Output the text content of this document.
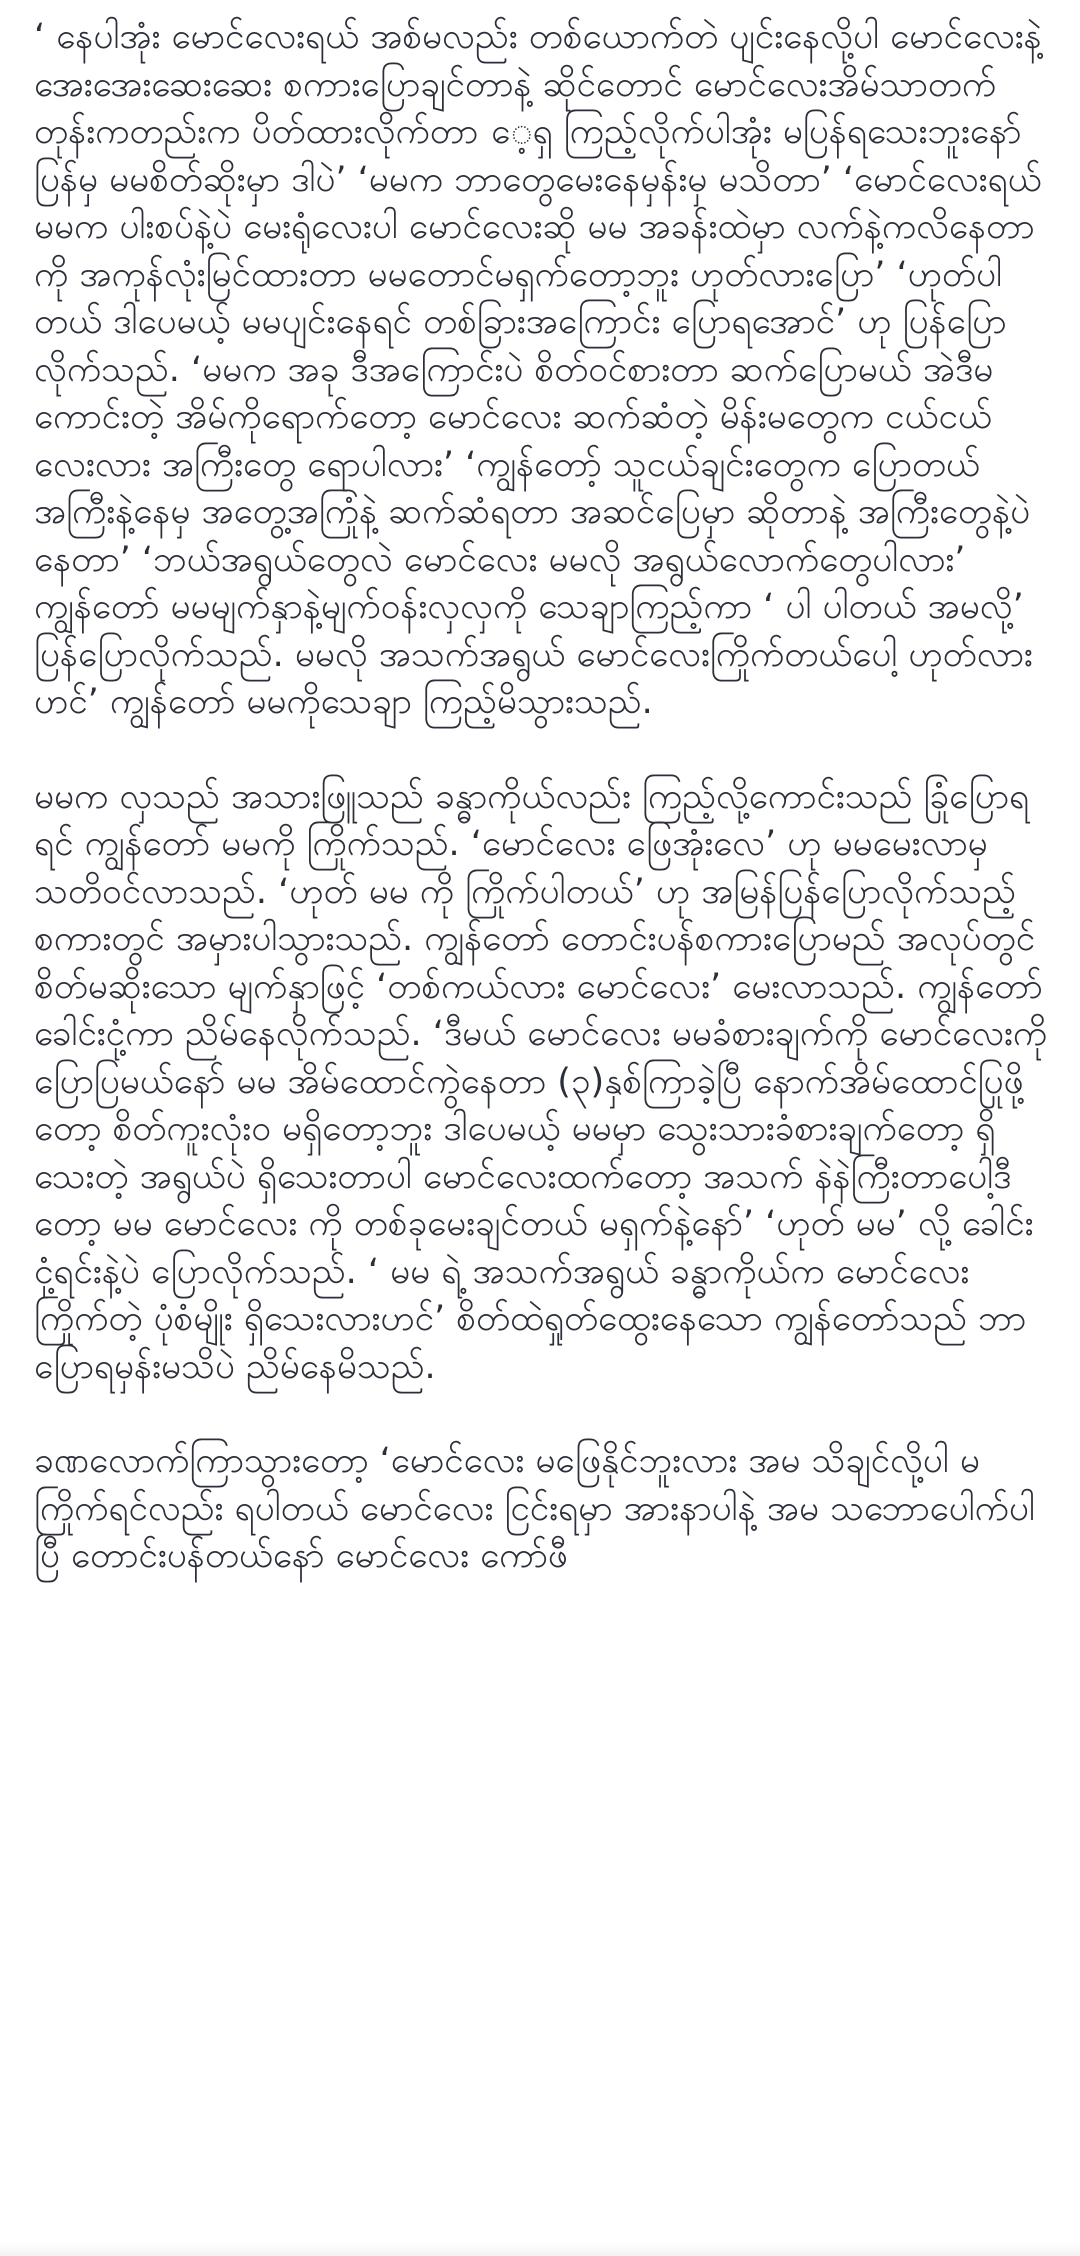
‘ နေပါအုံး မောင်လေးရယ် အစ်မလည်း တစ်ယောက်တဲ ပျင်းနေလို့ပါ မောင်လေးနဲ့ အေးအေးဆေးဆေး စကားပြောချင်တာနဲ့ ဆိုင်တောင် မောင်လေးအိမ်သာတက်တုန်းကတည်းက ပိတ်ထားလိုက်တာ ေ့ရှ ကြည့်လိုက်ပါအုံး မပြန်ရသေးဘူးနော် ပြန်မှ မမစိတ်ဆိုးမှာ ဒါပဲ’ ‘မမက ဘာတွေမေးနေမှန်းမှ မသိတာ’ ‘မောင်လေးရယ် မမက ပါးစပ်နဲ့ပဲ မေးရုံလေးပါ မောင်လေးဆို မမ အခန်းထဲမှာ လက်နဲ့ကလိနေတာကို အကုန်လုံးမြင်ထားတာ မမတောင်မရှက်တော့ဘူး ဟုတ်လားပြော’ ‘ဟုတ်ပါတယ် ဒါပေမယ့် မမပျင်းနေရင် တစ်ခြားအကြောင်း ပြောရအောင်’ ဟု ပြန်ပြောလိုက်သည်. ‘မမက အခု ဒီအကြောင်းပဲ စိတ်ဝင်စားတာ ဆက်ပြောမယ် အဲဒီမကောင်းတဲ့ အိမ်ကိုရောက်တော့ မောင်လေး ဆက်ဆံတဲ့ မိန်းမတွေက ငယ်ငယ်လေးလား အကြီးတွေ ရောပါလား’ ‘ကျွန်တော့် သူငယ်ချင်းတွေက ပြောတယ် အကြီးနဲ့နေမှ အတွေ့အကြုံနဲ့ ဆက်ဆံရတာ အဆင်ပြေမှာ ဆိုတာနဲ့ အကြီးတွေနဲ့ပဲ နေတာ’ ‘ဘယ်အရွယ်တွေလဲ မောင်လေး မမလို အရွယ်လောက်တွေပါလား’ ကျွန်တော် မမမျက်နှာနဲ့မျက်ဝန်းလှလှကို သေချာကြည့်ကာ ‘ ပါ ပါတယ် အမလို့’ ပြန်ပြောလိုက်သည်. မမလို အသက်အရွယ် မောင်လေးကြိုက်တယ်ပေါ့ ဟုတ်လားဟင်’ ကျွန်တော် မမကိုသေချာ ကြည့်မိသွားသည်.

မမက လှသည် အသားဖြူသည် ခန္ဓာကိုယ်လည်း ကြည့်လို့ကောင်းသည် ခြုံပြောရရင် ကျွန်တော် မမကို ကြိုက်သည်. ‘မောင်လေး ဖြေအုံးလေ’ ဟု မမမေးလာမှ သတိဝင်လာသည်. ‘ဟုတ် မမ ကို ကြိုက်ပါတယ်’ ဟု အမြန်ပြန်ပြောလိုက်သည့် စကားတွင် အမှားပါသွားသည်. ကျွန်တော် တောင်းပန်စကားပြောမည် အလုပ်တွင် စိတ်မဆိုးသော မျက်နှာဖြင့် ‘တစ်ကယ်လား မောင်လေး’ မေးလာသည်. ကျွန်တော် ခေါင်းငုံ့ကာ ညိမ်နေလိုက်သည်. ‘ဒီမယ် မောင်လေး မမခံစားချက်ကို မောင်လေးကို ပြောပြမယ်နော် မမ အိမ်ထောင်ကွဲနေတာ (၃)နှစ်ကြာခဲ့ပြီ နောက်အိမ်ထောင်ပြုဖို့တော့ စိတ်ကူးလုံးဝ မရှိတော့ဘူး ဒါပေမယ့် မမမှာ သွေးသားခံစားချက်တော့ ရှိသေးတဲ့ အရွယ်ပဲ ရှိသေးတာပါ မောင်လေးထက်တော့ အသက် နဲနဲကြီးတာပေါ့ဒီတော့ မမ မောင်လေး ကို တစ်ခုမေးချင်တယ် မရှက်နဲ့နော်’ ‘ဟုတ် မမ’ လို့ ခေါင်းငုံ့ရင်းနဲ့ပဲ ပြောလိုက်သည်. ‘ မမ ရဲ့ အသက်အရွယ် ခန္ဓာကိုယ်က မောင်လေး ကြိုက်တဲ့ ပုံစံမျိုး ရှိသေးလားဟင်’ စိတ်ထဲရှုတ်ထွေးနေသော ကျွန်တော်သည် ဘာပြောရမှန်းမသိပဲ ညိမ်နေမိသည်.

ခဏလောက်ကြာသွားတော့ ‘မောင်လေး မဖြေနိုင်ဘူးလား အမ သိချင်လို့ပါ မကြိုက်ရင်လည်း ရပါတယ် မောင်လေး ငြင်းရမှာ အားနာပါနဲ့ အမ သဘောပေါက်ပါပြီ တောင်းပန်တယ်နော် မောင်လေး ကော်ဖီ
